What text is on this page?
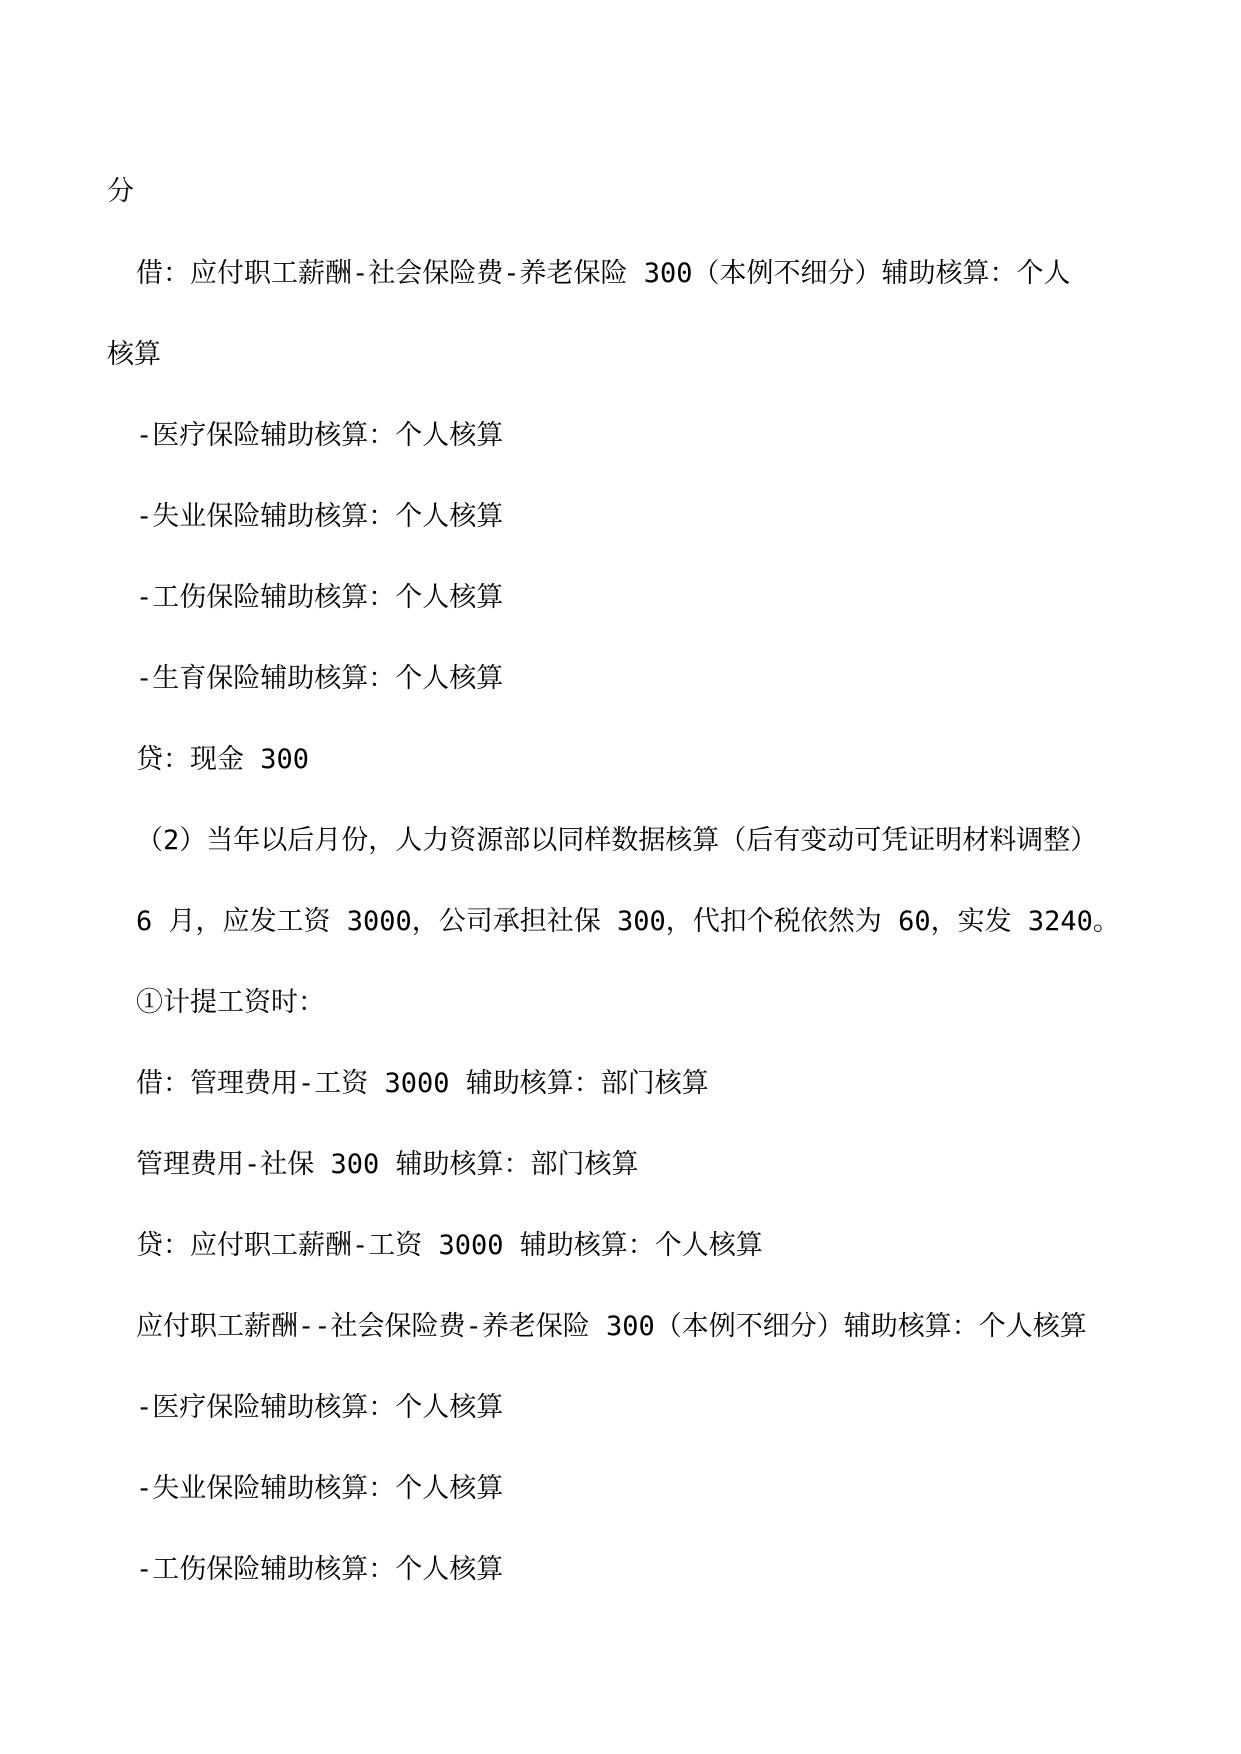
分
借：应付职工薪酬-社会保险费-养老保险 300（本例不细分）辅助核算：个人
核算
-医疗保险辅助核算：个人核算
-失业保险辅助核算：个人核算
-工伤保险辅助核算：个人核算
-生育保险辅助核算：个人核算
贷：现金 300
（2）当年以后月份，人力资源部以同样数据核算（后有变动可凭证明材料调整）
6 月，应发工资 3000，公司承担社保 300，代扣个税依然为 60，实发 3240。
①计提工资时：
借：管理费用-工资 3000 辅助核算：部门核算
管理费用-社保 300 辅助核算：部门核算
贷：应付职工薪酬-工资 3000 辅助核算：个人核算
应付职工薪酬--社会保险费-养老保险 300（本例不细分）辅助核算：个人核算
-医疗保险辅助核算：个人核算
-失业保险辅助核算：个人核算
-工伤保险辅助核算：个人核算
